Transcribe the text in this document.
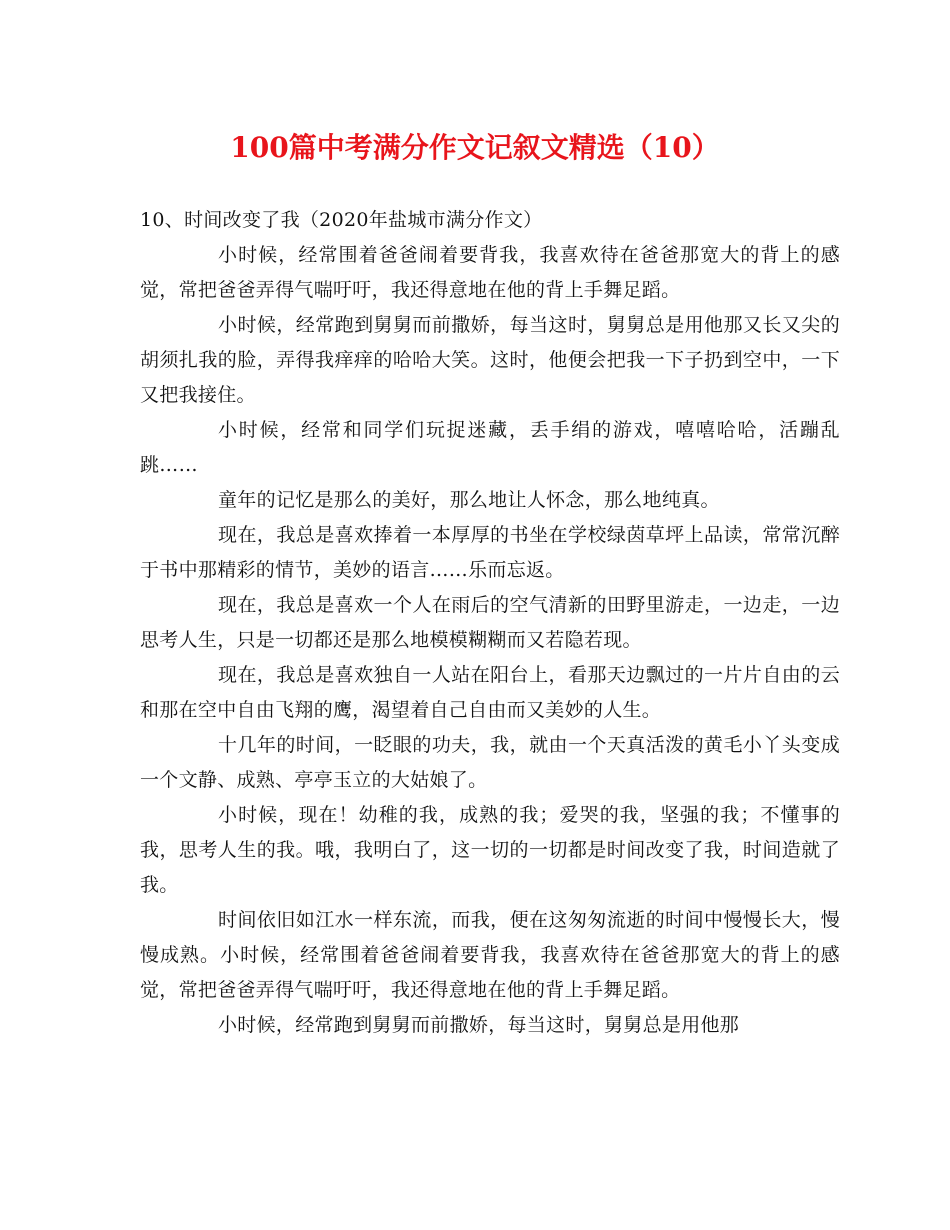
100篇中考满分作文记叙文精选（10）

10、时间改变了我（2020年盐城市满分作文）

小时候，经常围着爸爸闹着要背我，我喜欢待在爸爸那宽大的背上的感觉，常把爸爸弄得气喘吁吁，我还得意地在他的背上手舞足蹈。

小时候，经常跑到舅舅而前撒娇，每当这时，舅舅总是用他那又长又尖的胡须扎我的脸，弄得我痒痒的哈哈大笑。这时，他便会把我一下子扔到空中，一下又把我接住。

小时候，经常和同学们玩捉迷藏，丢手绢的游戏，嘻嘻哈哈，活蹦乱跳……

童年的记忆是那么的美好，那么地让人怀念，那么地纯真。

现在，我总是喜欢捧着一本厚厚的书坐在学校绿茵草坪上品读，常常沉醉于书中那精彩的情节，美妙的语言……乐而忘返。

现在，我总是喜欢一个人在雨后的空气清新的田野里游走，一边走，一边思考人生，只是一切都还是那么地模模糊糊而又若隐若现。

现在，我总是喜欢独自一人站在阳台上，看那天边飘过的一片片自由的云和那在空中自由飞翔的鹰，渴望着自己自由而又美妙的人生。

十几年的时间，一眨眼的功夫，我，就由一个天真活泼的黄毛小丫头变成一个文静、成熟、亭亭玉立的大姑娘了。

小时候，现在！幼稚的我，成熟的我；爱哭的我，坚强的我；不懂事的我，思考人生的我。哦，我明白了，这一切的一切都是时间改变了我，时间造就了我。

时间依旧如江水一样东流，而我，便在这匆匆流逝的时间中慢慢长大，慢慢成熟。小时候，经常围着爸爸闹着要背我，我喜欢待在爸爸那宽大的背上的感觉，常把爸爸弄得气喘吁吁，我还得意地在他的背上手舞足蹈。

小时候，经常跑到舅舅而前撒娇，每当这时，舅舅总是用他那
